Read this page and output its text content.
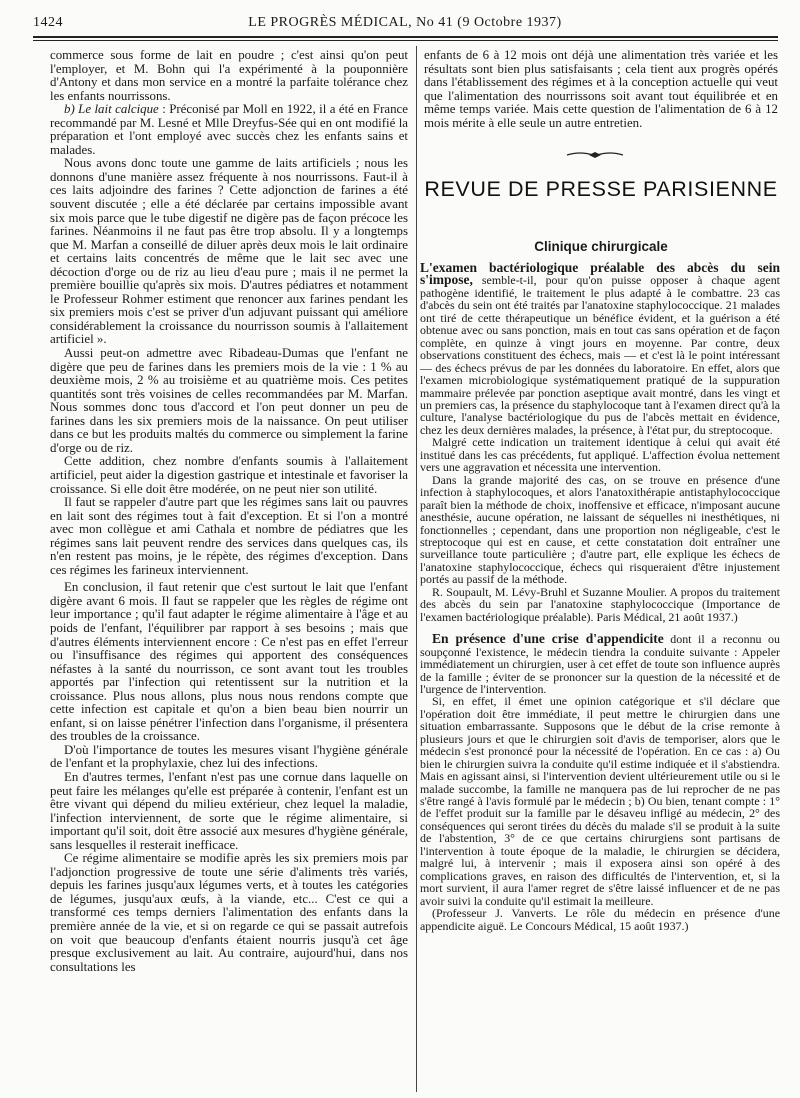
1424	LE PROGRÈS MÉDICAL, No 41 (9 Octobre 1937)

commerce sous forme de lait en poudre ; c'est ainsi qu'on peut l'employer, et M. Bohn qui l'a expérimenté à la pouponnière d'Antony et dans mon service en a montré la parfaite tolérance chez les enfants nourrissons.

b) Le lait calcique : Préconisé par Moll en 1922, il a été en France recommandé par M. Lesné et Mlle Dreyfus-Sée qui en ont modifié la préparation et l'ont employé avec succès chez les enfants sains et malades.

Nous avons donc toute une gamme de laits artificiels ; nous les donnons d'une manière assez fréquente à nos nourrissons. Faut-il à ces laits adjoindre des farines ? Cette adjonction de farines a été souvent discutée ; elle a été déclarée par certains impossible avant six mois parce que le tube digestif ne digère pas de façon précoce les farines. Néanmoins il ne faut pas être trop absolu. Il y a longtemps que M. Marfan a conseillé de diluer après deux mois le lait ordinaire et certains laits concentrés de même que le lait sec avec une décoction d'orge ou de riz au lieu d'eau pure ; mais il ne permet la première bouillie qu'après six mois. D'autres pédiatres et notamment le Professeur Rohmer estiment que renoncer aux farines pendant les six premiers mois c'est se priver d'un adjuvant puissant qui améliore considérablement la croissance du nourrisson soumis à l'allaitement artificiel ».

Aussi peut-on admettre avec Ribadeau-Dumas que l'enfant ne digère que peu de farines dans les premiers mois de la vie : 1 % au deuxième mois, 2 % au troisième et au quatrième mois. Ces petites quantités sont très voisines de celles recommandées par M. Marfan. Nous sommes donc tous d'accord et l'on peut donner un peu de farines dans les six premiers mois de la naissance. On peut utiliser dans ce but les produits maltés du commerce ou simplement la farine d'orge ou de riz.

Cette addition, chez nombre d'enfants soumis à l'allaitement artificiel, peut aider la digestion gastrique et intestinale et favoriser la croissance. Si elle doit être modérée, on ne peut nier son utilité.

Il faut se rappeler d'autre part que les régimes sans lait ou pauvres en lait sont des régimes tout à fait d'exception. Et si l'on a montré avec mon collègue et ami Cathala et nombre de pédiatres que les régimes sans lait peuvent rendre des services dans quelques cas, ils n'en restent pas moins, je le répète, des régimes d'exception. Dans ces régimes les farineux interviennent.

En conclusion, il faut retenir que c'est surtout le lait que l'enfant digère avant 6 mois. Il faut se rappeler que les règles de régime ont leur importance ; qu'il faut adapter le régime alimentaire à l'âge et au poids de l'enfant, l'équilibrer par rapport à ses besoins ; mais que d'autres éléments interviennent encore : Ce n'est pas en effet l'erreur ou l'insuffisance des régimes qui apportent des conséquences néfastes à la santé du nourrisson, ce sont avant tout les troubles apportés par l'infection qui retentissent sur la nutrition et la croissance. Plus nous allons, plus nous nous rendons compte que cette infection est capitale et qu'on a bien beau bien nourrir un enfant, si on laisse pénétrer l'infection dans l'organisme, il présentera des troubles de la croissance.

D'où l'importance de toutes les mesures visant l'hygiène générale de l'enfant et la prophylaxie, chez lui des infections.

En d'autres termes, l'enfant n'est pas une cornue dans laquelle on peut faire les mélanges qu'elle est préparée à contenir, l'enfant est un être vivant qui dépend du milieu extérieur, chez lequel la maladie, l'infection interviennent, de sorte que le régime alimentaire, si important qu'il soit, doit être associé aux mesures d'hygiène générale, sans lesquelles il resterait inefficace.

Ce régime alimentaire se modifie après les six premiers mois par l'adjonction progressive de toute une série d'aliments très variés, depuis les farines jusqu'aux légumes verts, et à toutes les catégories de légumes, jusqu'aux œufs, à la viande, etc... C'est ce qui a transformé ces temps derniers l'alimentation des enfants dans la première année de la vie, et si on regarde ce qui se passait autrefois on voit que beaucoup d'enfants étaient nourris jusqu'à cet âge presque exclusivement au lait. Au contraire, aujourd'hui, dans nos consultations les

enfants de 6 à 12 mois ont déjà une alimentation très variée et les résultats sont bien plus satisfaisants ; cela tient aux progrès opérés dans l'établissement des régimes et à la conception actuelle qui veut que l'alimentation des nourrissons soit avant tout équilibrée et en même temps variée. Mais cette question de l'alimentation de 6 à 12 mois mérite à elle seule un autre entretien.

REVUE DE PRESSE PARISIENNE
Clinique chirurgicale

L'examen bactériologique préalable des abcès du sein s'impose, semble-t-il, pour qu'on puisse opposer à chaque agent pathogène identifié, le traitement le plus adapté à le combattre. 23 cas d'abcès du sein ont été traités par l'anatoxine staphylococcique. 21 malades ont tiré de cette thérapeutique un bénéfice évident, et la guérison a été obtenue avec ou sans ponction, mais en tout cas sans opération et de façon complète, en quinze à vingt jours en moyenne. Par contre, deux observations constituent des échecs, mais — et c'est là le point intéressant — des échecs prévus de par les données du laboratoire. En effet, alors que l'examen microbiologique systématiquement pratiqué de la suppuration mammaire prélevée par ponction aseptique avait montré, dans les vingt et un premiers cas, la présence du staphylocoque tant à l'examen direct qu'à la culture, l'analyse bactériologique du pus de l'abcès mettait en évidence, chez les deux dernières malades, la présence, à l'état pur, du streptocoque.

Malgré cette indication un traitement identique à celui qui avait été institué dans les cas précédents, fut appliqué. L'affection évolua nettement vers une aggravation et nécessita une intervention.

Dans la grande majorité des cas, on se trouve en présence d'une infection à staphylocoques, et alors l'anatoxithérapie antistaphylococcique paraît bien la méthode de choix, inoffensive et efficace, n'imposant aucune anesthésie, aucune opération, ne laissant de séquelles ni inesthétiques, ni fonctionnelles ; cependant, dans une proportion non négligeable, c'est le streptocoque qui est en cause, et cette constatation doit entraîner une surveillance toute particulière ; d'autre part, elle explique les échecs de l'anatoxine staphylococcique, échecs qui risqueraient d'être injustement portés au passif de la méthode.

R. Soupault, M. Lévy-Bruhl et Suzanne Moulier. A propos du traitement des abcès du sein par l'anatoxine staphylococcique (Importance de l'examen bactériologique préalable). Paris Médical, 21 août 1937.)

En présence d'une crise d'appendicite dont il a reconnu ou soupçonné l'existence, le médecin tiendra la conduite suivante : Appeler immédiatement un chirurgien, user à cet effet de toute son influence auprès de la famille ; éviter de se prononcer sur la question de la nécessité et de l'urgence de l'intervention.

Si, en effet, il émet une opinion catégorique et s'il déclare que l'opération doit être immédiate, il peut mettre le chirurgien dans une situation embarrassante. Supposons que le début de la crise remonte à plusieurs jours et que le chirurgien soit d'avis de temporiser, alors que le médecin s'est prononcé pour la nécessité de l'opération. En ce cas : a) Ou bien le chirurgien suivra la conduite qu'il estime indiquée et il s'abstiendra. Mais en agissant ainsi, si l'intervention devient ultérieurement utile ou si le malade succombe, la famille ne manquera pas de lui reprocher de ne pas s'être rangé à l'avis formulé par le médecin ; b) Ou bien, tenant compte : 1° de l'effet produit sur la famille par le désaveu infligé au médecin, 2° des conséquences qui seront tirées du décès du malade s'il se produit à la suite de l'abstention, 3° de ce que certains chirurgiens sont partisans de l'intervention à toute époque de la maladie, le chirurgien se décidera, malgré lui, à intervenir ; mais il exposera ainsi son opéré à des complications graves, en raison des difficultés de l'intervention, et, si la mort survient, il aura l'amer regret de s'être laissé influencer et de ne pas avoir suivi la conduite qu'il estimait la meilleure.

(Professeur J. Vanverts. Le rôle du médecin en présence d'une appendicite aiguë. Le Concours Médical, 15 août 1937.)
